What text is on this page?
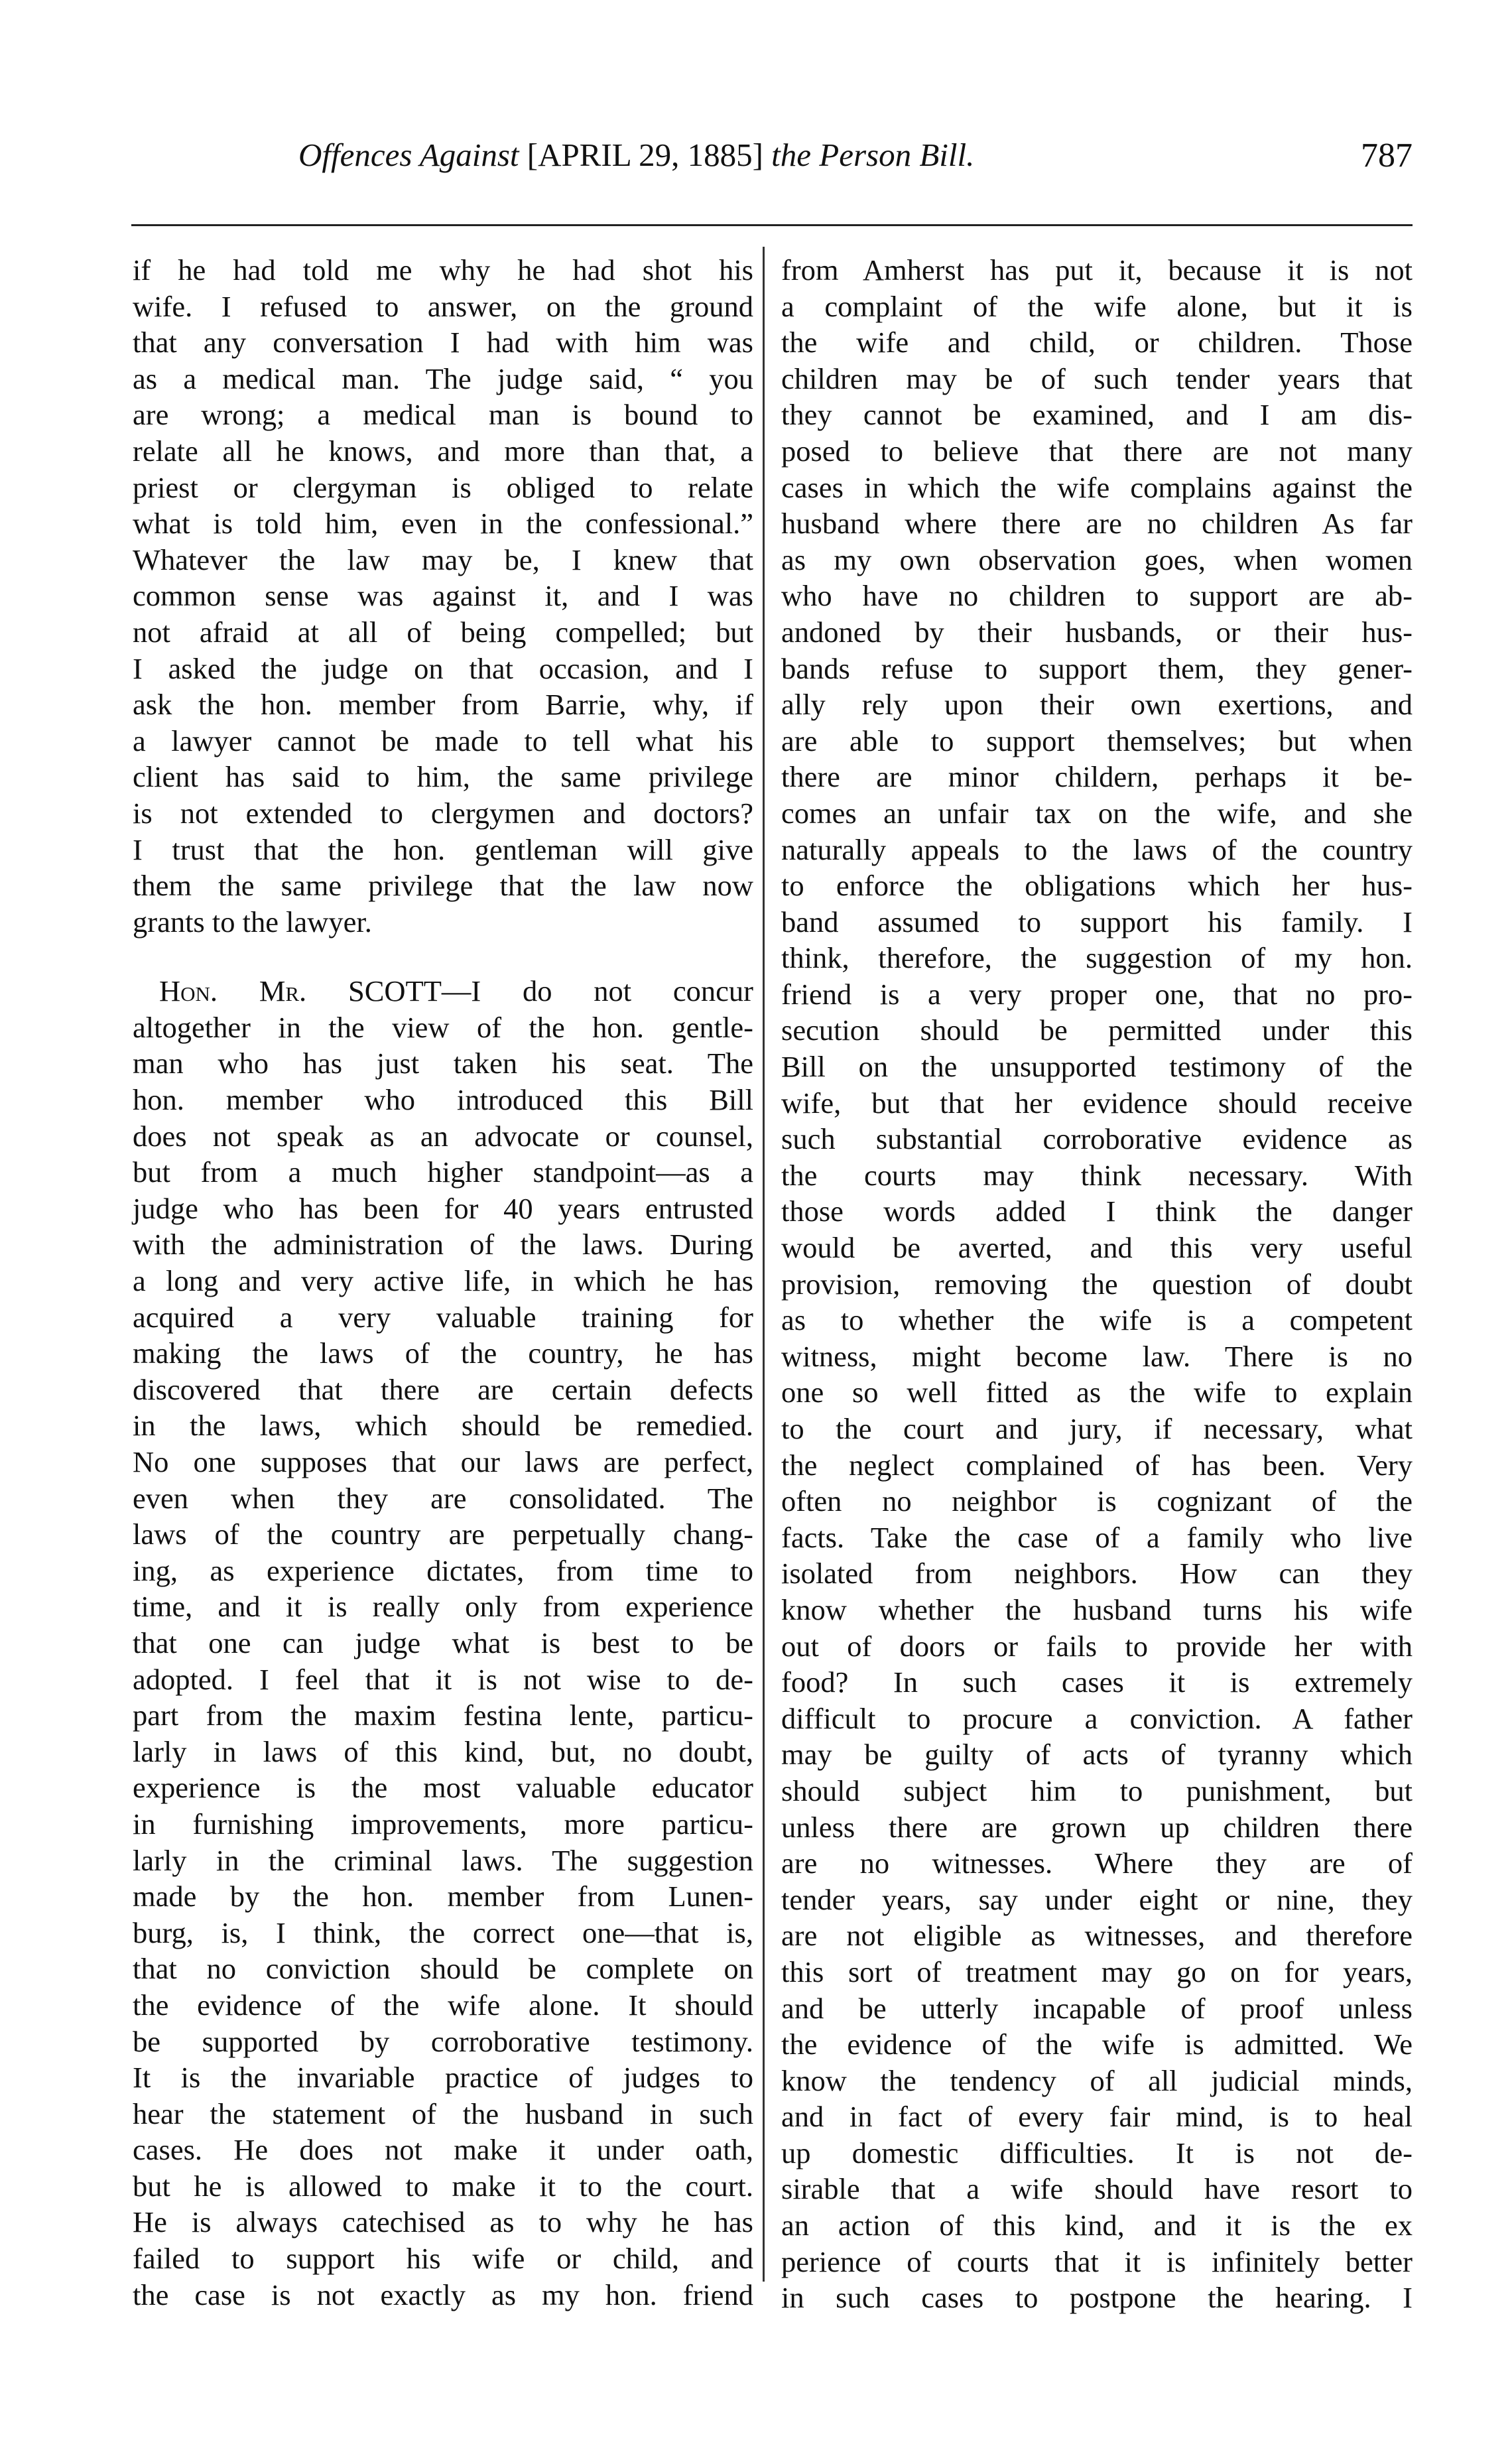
Offences Against [APRIL 29, 1885] the Person Bill.	787
if he had told me why he had shot his
wife. I refused to answer, on the ground
that any conversation I had with him was
as a medical man. The judge said, “ you
are wrong; a medical man is bound to
relate all he knows, and more than that, a
priest or clergyman is obliged to relate
what is told him, even in the confessional.”
Whatever the law may be, I knew that
common sense was against it, and I was
not afraid at all of being compelled; but
I asked the judge on that occasion, and I
ask the hon. member from Barrie, why, if
a lawyer cannot be made to tell what his
client has said to him, the same privilege
is not extended to clergymen and doctors?
I trust that the hon. gentleman will give
them the same privilege that the law now
grants to the lawyer.
Hon. Mr. SCOTT—I do not concur
altogether in the view of the hon. gentle-
man who has just taken his seat. The
hon. member who introduced this Bill
does not speak as an advocate or counsel,
but from a much higher standpoint—as a
judge who has been for 40 years entrusted
with the administration of the laws. During
a long and very active life, in which he has
acquired a very valuable training for
making the laws of the country, he has
discovered that there are certain defects
in the laws, which should be remedied.
No one supposes that our laws are perfect,
even when they are consolidated. The
laws of the country are perpetually chang-
ing, as experience dictates, from time to
time, and it is really only from experience
that one can judge what is best to be
adopted. I feel that it is not wise to de-
part from the maxim festina lente, particu-
larly in laws of this kind, but, no doubt,
experience is the most valuable educator
in furnishing improvements, more particu-
larly in the criminal laws. The suggestion
made by the hon. member from Lunen-
burg, is, I think, the correct one—that is,
that no conviction should be complete on
the evidence of the wife alone. It should
be supported by corroborative testimony.
It is the invariable practice of judges to
hear the statement of the husband in such
cases. He does not make it under oath,
but he is allowed to make it to the court.
He is always catechised as to why he has
failed to support his wife or child, and
the case is not exactly as my hon. friend
from Amherst has put it, because it is not
a complaint of the wife alone, but it is
the wife and child, or children. Those
children may be of such tender years that
they cannot be examined, and I am dis-
posed to believe that there are not many
cases in which the wife complains against the
husband where there are no children As far
as my own observation goes, when women
who have no children to support are ab-
andoned by their husbands, or their hus-
bands refuse to support them, they gener-
ally rely upon their own exertions, and
are able to support themselves; but when
there are minor childern, perhaps it be-
comes an unfair tax on the wife, and she
naturally appeals to the laws of the country
to enforce the obligations which her hus-
band assumed to support his family. I
think, therefore, the suggestion of my hon.
friend is a very proper one, that no pro-
secution should be permitted under this
Bill on the unsupported testimony of the
wife, but that her evidence should receive
such substantial corroborative evidence as
the courts may think necessary. With
those words added I think the danger
would be averted, and this very useful
provision, removing the question of doubt
as to whether the wife is a competent
witness, might become law. There is no
one so well fitted as the wife to explain
to the court and jury, if necessary, what
the neglect complained of has been. Very
often no neighbor is cognizant of the
facts. Take the case of a family who live
isolated from neighbors. How can they
know whether the husband turns his wife
out of doors or fails to provide her with
food? In such cases it is extremely
difficult to procure a conviction. A father
may be guilty of acts of tyranny which
should subject him to punishment, but
unless there are grown up children there
are no witnesses. Where they are of
tender years, say under eight or nine, they
are not eligible as witnesses, and therefore
this sort of treatment may go on for years,
and be utterly incapable of proof unless
the evidence of the wife is admitted. We
know the tendency of all judicial minds,
and in fact of every fair mind, is to heal
up domestic difficulties. It is not de-
sirable that a wife should have resort to
an action of this kind, and it is the ex
perience of courts that it is infinitely better
in such cases to postpone the hearing. I
